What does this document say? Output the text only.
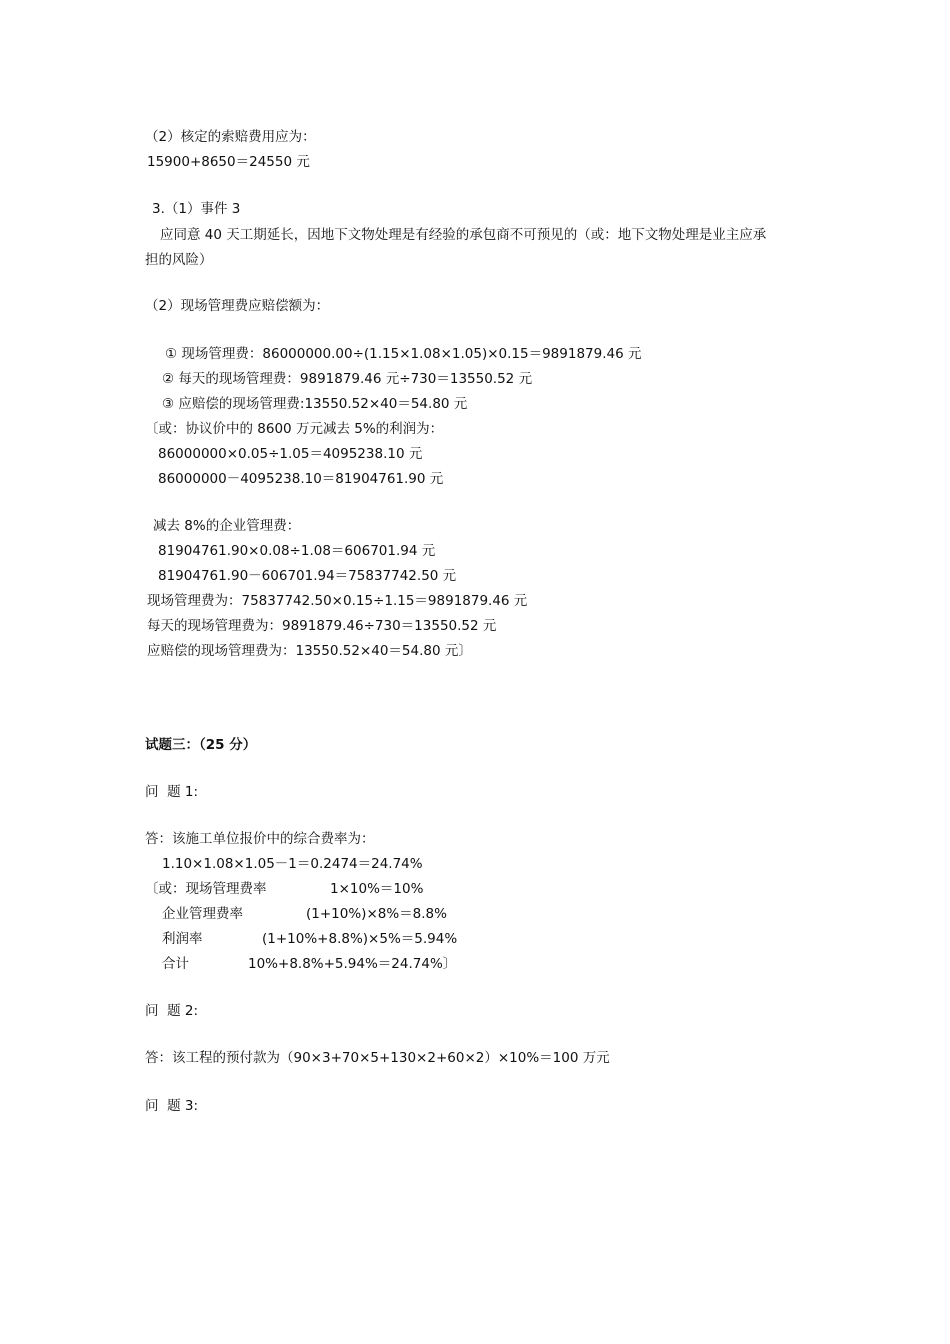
（2）核定的索赔费用应为：
15900+8650＝24550 元
3.（1）事件 3
应同意 40 天工期延长，因地下文物处理是有经验的承包商不可预见的（或：地下文物处理是业主应承
担的风险）
（2）现场管理费应赔偿额为：
① 现场管理费：86000000.00÷(1.15×1.08×1.05)×0.15＝9891879.46 元
② 每天的现场管理费：9891879.46 元÷730＝13550.52 元
③ 应赔偿的现场管理费:13550.52×40＝54.80 元
〔或：协议价中的 8600 万元减去 5%的利润为：
86000000×0.05÷1.05＝4095238.10 元
86000000－4095238.10＝81904761.90 元
减去 8%的企业管理费：
81904761.90×0.08÷1.08＝606701.94 元
81904761.90－606701.94＝75837742.50 元
现场管理费为：75837742.50×0.15÷1.15＝9891879.46 元
每天的现场管理费为：9891879.46÷730＝13550.52 元
应赔偿的现场管理费为：13550.52×40＝54.80 元〕
试题三：（25 分）
问  题 1:
答：该施工单位报价中的综合费率为：
1.10×1.08×1.05－1＝0.2474＝24.74%
〔或：现场管理费率	1×10%＝10%
企业管理费率	(1+10%)×8%＝8.8%
利润率	(1+10%+8.8%)×5%＝5.94%
合计	10%+8.8%+5.94%＝24.74%〕
问  题 2:
答：该工程的预付款为（90×3+70×5+130×2+60×2）×10%＝100 万元
问  题 3:
